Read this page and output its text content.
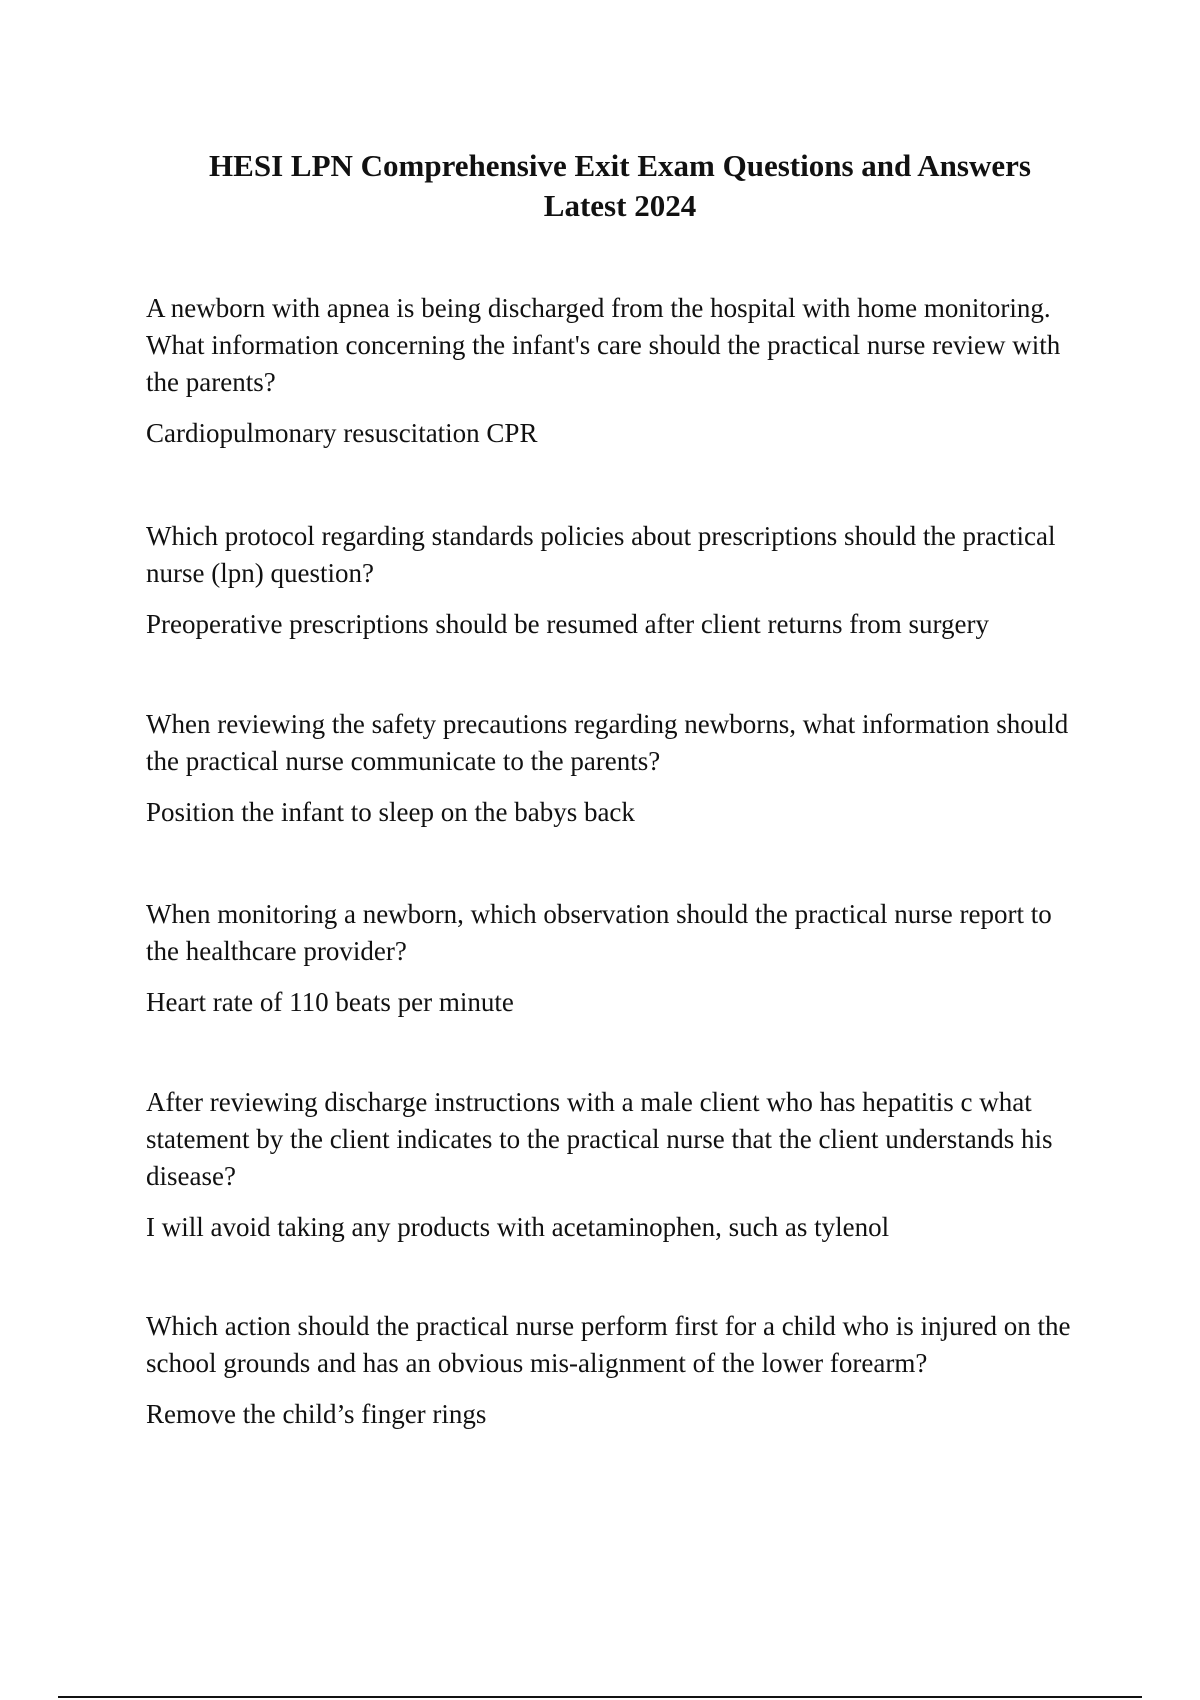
HESI LPN Comprehensive Exit Exam Questions and Answers
Latest 2024

A newborn with apnea is being discharged from the hospital with home monitoring. What information concerning the infant's care should the practical nurse review with the parents?

Cardiopulmonary resuscitation CPR

Which protocol regarding standards policies about prescriptions should the practical nurse (lpn) question?

Preoperative prescriptions should be resumed after client returns from surgery

When reviewing the safety precautions regarding newborns, what information should the practical nurse communicate to the parents?

Position the infant to sleep on the babys back

When monitoring a newborn, which observation should the practical nurse report to the healthcare provider?

Heart rate of 110 beats per minute

After reviewing discharge instructions with a male client who has hepatitis c what statement by the client indicates to the practical nurse that the client understands his disease?

I will avoid taking any products with acetaminophen, such as tylenol

Which action should the practical nurse perform first for a child who is injured on the school grounds and has an obvious mis-alignment of the lower forearm?

Remove the child’s finger rings
